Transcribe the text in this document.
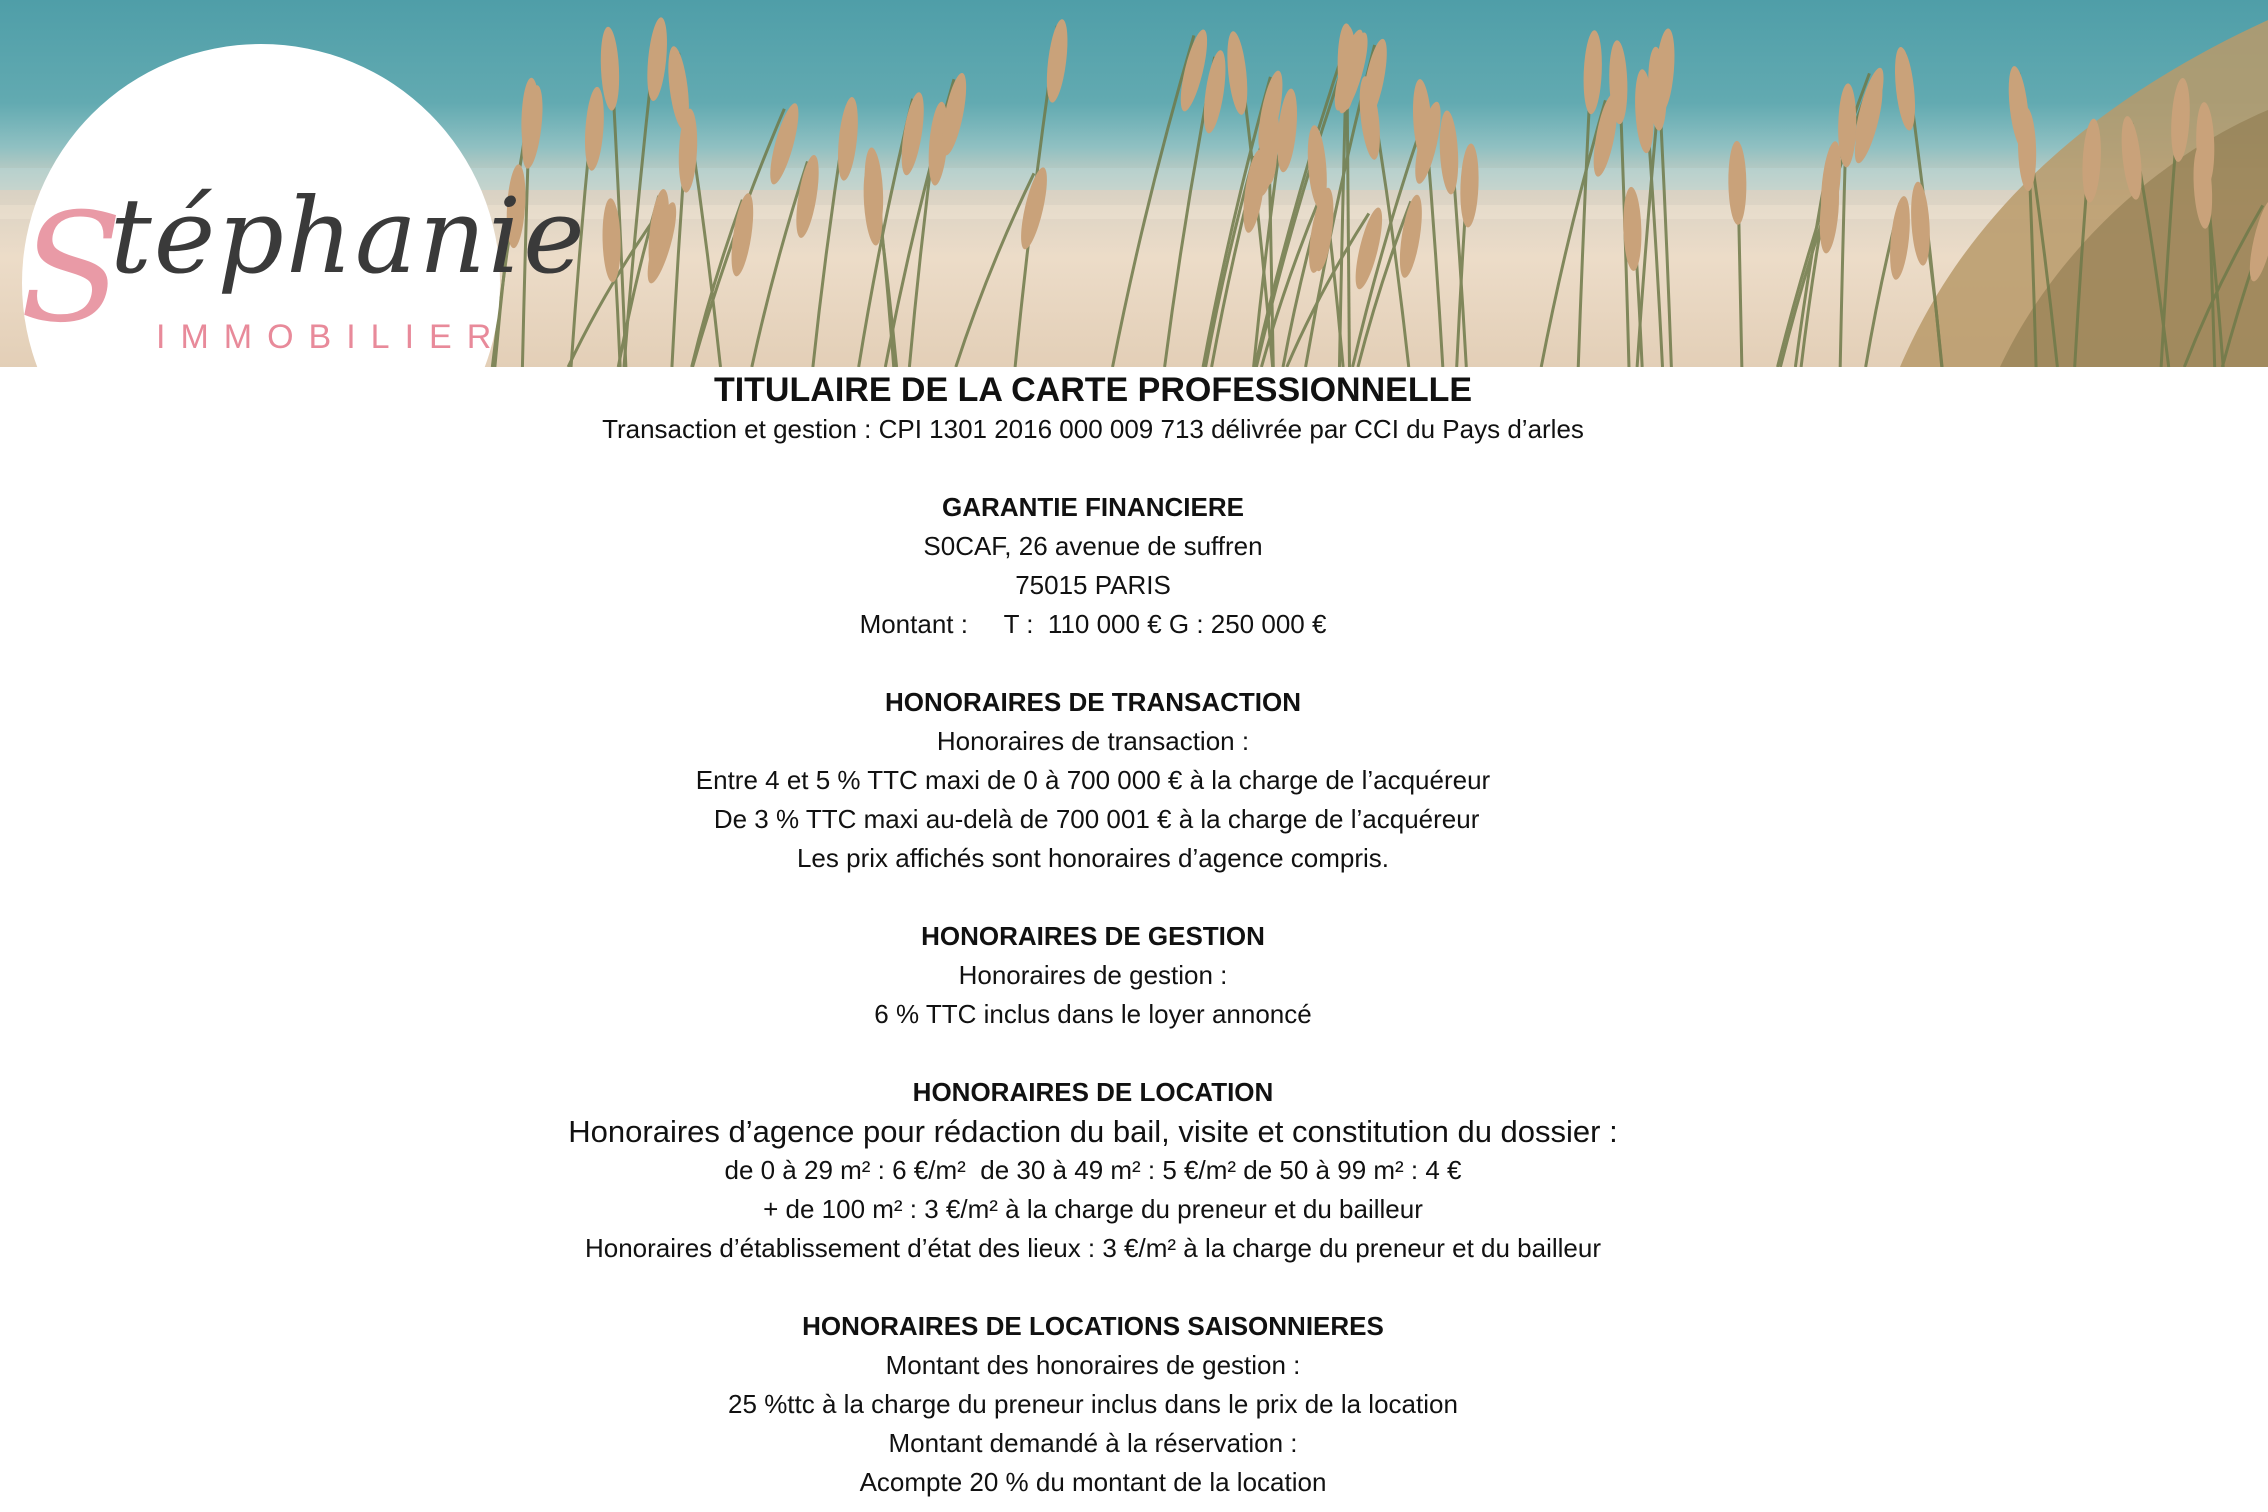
S
téphanie
IMMOBILIER

TITULAIRE DE LA CARTE PROFESSIONNELLE

Transaction et gestion : CPI 1301 2016 000 009 713 délivrée par CCI du Pays d’arles

GARANTIE FINANCIERE

S0CAF, 26 avenue de suffren

75015 PARIS

Montant :     T :  110 000 € G : 250 000 €

HONORAIRES DE TRANSACTION

Honoraires de transaction :

Entre 4 et 5 % TTC maxi de 0 à 700 000 € à la charge de l’acquéreur

De 3 % TTC maxi au-delà de 700 001 € à la charge de l’acquéreur

Les prix affichés sont honoraires d’agence compris.

HONORAIRES DE GESTION

Honoraires de gestion :

6 % TTC inclus dans le loyer annoncé

HONORAIRES DE LOCATION

Honoraires d’agence pour rédaction du bail, visite et constitution du dossier :

de 0 à 29 m² : 6 €/m²  de 30 à 49 m² : 5 €/m² de 50 à 99 m² : 4 €

+ de 100 m² : 3 €/m² à la charge du preneur et du bailleur

Honoraires d’établissement d’état des lieux : 3 €/m² à la charge du preneur et du bailleur

HONORAIRES DE LOCATIONS SAISONNIERES

Montant des honoraires de gestion :

25 %ttc à la charge du preneur inclus dans le prix de la location

Montant demandé à la réservation :

Acompte 20 % du montant de la location
